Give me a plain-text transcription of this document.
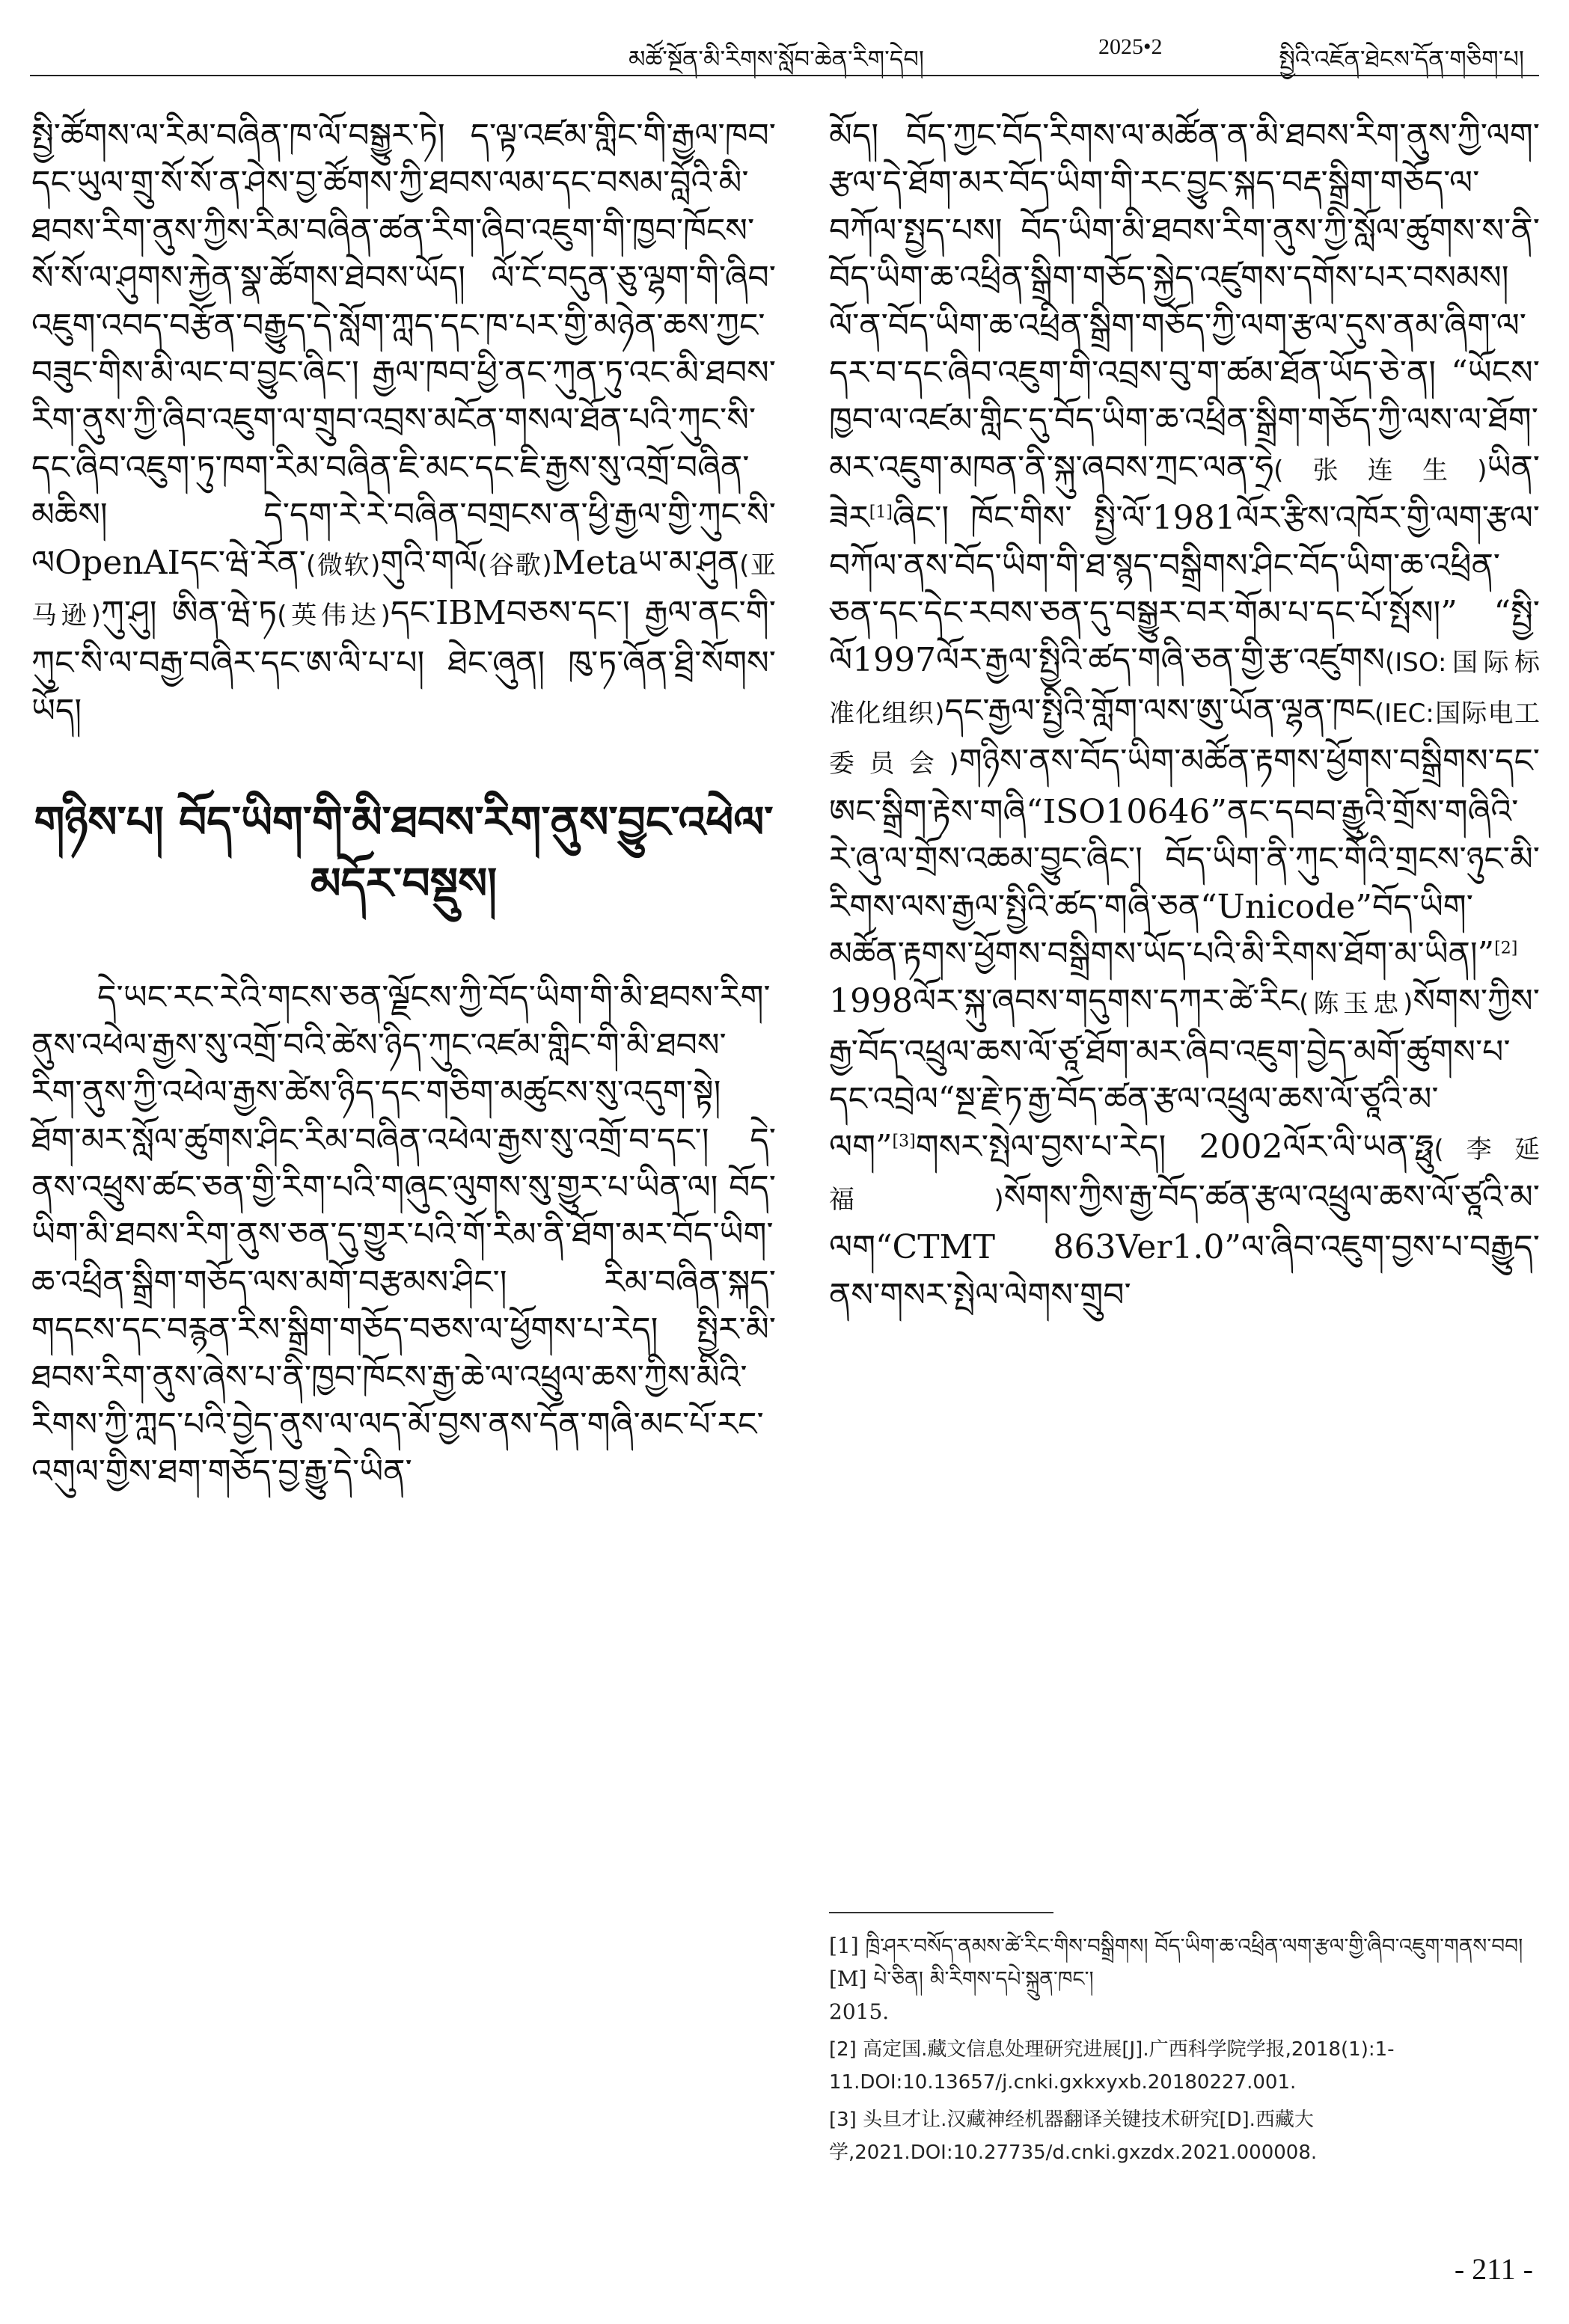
མཚོ་སྔོན་མི་རིགས་སློབ་ཆེན་རིག་དེབ།	2025•2	སྤྱིའི་འཇོན་ཐེངས་དོན་གཅིག་པ།

སྤྱི་ཚོགས་ལ་རིམ་བཞིན་ཁ་ལོ་བསྒྱུར་ཏེ། ད་ལྟ་འཛམ་གླིང་གི་རྒྱལ་ཁབ་དང་ཡུལ་གྲུ་སོ་སོ་ན་ཤེས་བྱ་ཚོགས་ཀྱི་ཐབས་ལམ་དང་བསམ་བློའི་མི་ཐབས་རིག་ནུས་ཀྱིས་རིམ་བཞིན་ཚན་རིག་ཞིབ་འཇུག་གི་ཁྱབ་ཁོངས་སོ་སོ་ལ་ཤུགས་རྐྱེན་སྣ་ཚོགས་ཐེབས་ཡོད། ལོ་ངོ་བདུན་ཅུ་ལྷག་གི་ཞིབ་འཇུག་འབད་བརྩོན་བརྒྱུད་དེ་སློག་ཀླད་དང་ཁ་པར་གྱི་མཉེན་ཆས་ཀྱང་བཟུང་གིས་མི་ལང་བ་བྱུང་ཞིང་། རྒྱལ་ཁབ་ཕྱི་ནང་ཀུན་ཏུ་འང་མི་ཐབས་རིག་ནུས་ཀྱི་ཞིབ་འཇུག་ལ་གྲུབ་འབྲས་མངོན་གསལ་ཐོན་པའི་ཀུང་སི་དང་ཞིབ་འཇུག་ཏུ་ཁག་རིམ་བཞིན་ཇི་མང་དང་ཇི་རྒྱས་སུ་འགྲོ་བཞིན་མཆིས། དེ་དག་རེ་རེ་བཞིན་བགྲངས་ན་ཕྱི་རྒྱལ་གྱི་ཀུང་སི་ལOpenAIདང་ཝེ་རོན་(微软)གུའི་གལོ(谷歌)Metaཡ་མ་ཤུན(亚马逊)ཀུ་ཤུ། ཨིན་ཝེ་ཏ(英伟达)དང་IBMབཅས་དང་། རྒྱལ་ནང་གི་ཀུང་སི་ལ་བརྒྱ་བཞིར་དང་ཨ་ལི་པ་པ། ཐེང་ཞུན། ཁུ་ཏ་ཞོན་ཐྲི་སོགས་ཡོད།

གཉིས་པ། བོད་ཡིག་གི་མི་ཐབས་རིག་ནུས་བྱུང་འཕེལ་མདོར་བསྡུས།

དེ་ཡང་རང་རེའི་གངས་ཅན་ལྗོངས་ཀྱི་བོད་ཡིག་གི་མི་ཐབས་རིག་ནུས་འཕེལ་རྒྱས་སུ་འགྲོ་བའི་ཚེས་ཉིད་ཀུང་འཛམ་གླིང་གི་མི་ཐབས་རིག་ནུས་ཀྱི་འཕེལ་རྒྱས་ཚེས་ཉིད་དང་གཅིག་མཚུངས་སུ་འདུག་སྟེ། ཐོག་མར་སློལ་ཚུགས་ཤིང་རིམ་བཞིན་འཕེལ་རྒྱས་སུ་འགྲོ་བ་དང་། དེ་ནས་འཕྲུས་ཚང་ཅན་གྱི་རིག་པའི་གཞུང་ལུགས་སུ་གྱུར་པ་ཡིན་ལ། བོད་ཡིག་མི་ཐབས་རིག་ནུས་ཅན་དུ་གྱུར་པའི་གོ་རིམ་ནི་ཐོག་མར་བོད་ཡིག་ཆ་འཕྲིན་སྒྲིག་གཅོད་ལས་མགོ་བརྩམས་ཤིང་། རིམ་བཞིན་སྐད་གདངས་དང་བརྙན་རིས་སྒྲིག་གཅོད་བཅས་ལ་ཕྱོགས་པ་རེད། སྤྱིར་མི་ཐབས་རིག་ནུས་ཞེས་པ་ནི་ཁྱབ་ཁོངས་རྒྱ་ཆེ་ལ་འཕྲུལ་ཆས་ཀྱིས་མིའི་རིགས་ཀྱི་ཀླད་པའི་བྱེད་ནུས་ལ་ལད་མོ་བྱས་ནས་དོན་གཞི་མང་པོ་རང་འགུལ་གྱིས་ཐག་གཅོད་བྱ་རྒྱུ་དེ་ཡིན་

མོད། བོད་ཀྱང་བོད་རིགས་ལ་མཚོན་ན་མི་ཐབས་རིག་ནུས་ཀྱི་ལག་རྩལ་དེ་ཐོག་མར་བོད་ཡིག་གི་རང་བྱུང་སྐད་བརྡ་སྒྲིག་གཅོད་ལ་བཀོལ་སྤྱད་པས། བོད་ཡིག་མི་ཐབས་རིག་ནུས་ཀྱི་སློལ་ཚུགས་ས་ནི་བོད་ཡིག་ཆ་འཕྲིན་སྒྲིག་གཅོད་སྐྱེད་འཛུགས་དགོས་པར་བསམས། ལོ་ན་བོད་ཡིག་ཆ་འཕྲིན་སྒྲིག་གཅོད་ཀྱི་ལག་རྩལ་དུས་ནམ་ཞིག་ལ་དར་བ་དང་ཞིབ་འཇུག་གི་འབྲས་བུ་ག་ཚམ་ཐོན་ཡོད་ཅེ་ན། “ཡོངས་ཁྱབ་ལ་འཛམ་གླིང་དུ་བོད་ཡིག་ཆ་འཕྲིན་སྒྲིག་གཅོད་ཀྱི་ལས་ལ་ཐོག་མར་འཇུག་མཁན་ནི་སྐུ་ཞབས་ཀྲང་ལན་ཧྲེ(张连生)ཡིན་ཟེར[1]ཞིང་། ཁོང་གིས་ སྤྱི་ལོ་1981ལོར་རྩིས་འཁོར་གྱི་ལག་རྩལ་བཀོལ་ནས་བོད་ཡིག་གི་ཐ་སྙད་བསྒྲིགས་ཤིང་བོད་ཡིག་ཆ་འཕྲིན་ཅན་དང་དེང་རབས་ཅན་དུ་བསྒྱུར་བར་གོམ་པ་དང་པོ་སྤོས།” “སྤྱི་ལོ1997ལོར་རྒྱལ་སྤྱིའི་ཚད་གཞི་ཅན་གྱི་རྩ་འཛུགས(ISO:国际标准化组织)དང་རྒྱལ་སྤྱིའི་གློག་ལས་ཨུ་ཡོན་ལྷན་ཁང(IEC:国际电工委员会)གཉིས་ནས་བོད་ཡིག་མཚོན་རྟགས་ཕྱོགས་བསྒྲིགས་དང་ཨང་སྒྲིག་རྟེས་གཞི“ISO10646”ནང་དབབ་རྒྱུའི་གྲོས་གཞིའི་རེ་ཞུ་ལ་གྲོས་འཆམ་བྱུང་ཞིང་། བོད་ཡིག་ནི་ཀུང་གོའི་གྲངས་ཉུང་མི་རིགས་ལས་རྒྱལ་སྤྱིའི་ཚད་གཞི་ཅན“Unicode”བོད་ཡིག་མཚོན་རྟགས་ཕྱོགས་བསྒྲིགས་ཡོད་པའི་མི་རིགས་ཐོག་མ་ཡིན།”[2] 1998ལོར་སྐུ་ཞབས་གདུགས་དཀར་ཚེ་རིང(陈玉忠)སོགས་ཀྱིས་རྒྱ་བོད་འཕྲུལ་ཆས་ལོ་ཙཱ་ཐོག་མར་ཞིབ་འཇུག་བྱེད་མགོ་ཚུགས་པ་དང་འབྲེལ“སྔ་རྗེ་ཏ་རྒྱ་བོད་ཚན་རྩལ་འཕྲུལ་ཆས་ལོ་ཙཱའི་མ་ལག”[3]གསར་སྤེལ་བྱས་པ་རེད། 2002ལོར་ལི་ཡན་ཧྥུ(李延福)སོགས་ཀྱིས་རྒྱ་བོད་ཚན་རྩལ་འཕྲུལ་ཆས་ལོ་ཙཱའི་མ་ལག“CTMT 863Ver1.0”ལ་ཞིབ་འཇུག་བྱས་པ་བརྒྱུད་ནས་གསར་སྤེལ་ལེགས་གྲུབ་

[1] ཁྲི་ཤར་བསོད་ནམས་ཚེ་རིང་གིས་བསྒྲིགས། བོད་ཡིག་ཆ་འཕྲིན་ལག་རྩལ་གྱི་ཞིབ་འཇུག་གནས་བབ། [M] པེ་ཅིན། མི་རིགས་དཔེ་སྐྲུན་ཁང་།
2015.

[2] 高定国.藏文信息处理研究进展[J].广西科学院学报,2018(1):1-11.DOI:10.13657/j.cnki.gxkxyxb.20180227.001.

[3] 头旦才让.汉藏神经机器翻译关键技术研究[D].西藏大学,2021.DOI:10.27735/d.cnki.gxzdx.2021.000008.

- 211 -
